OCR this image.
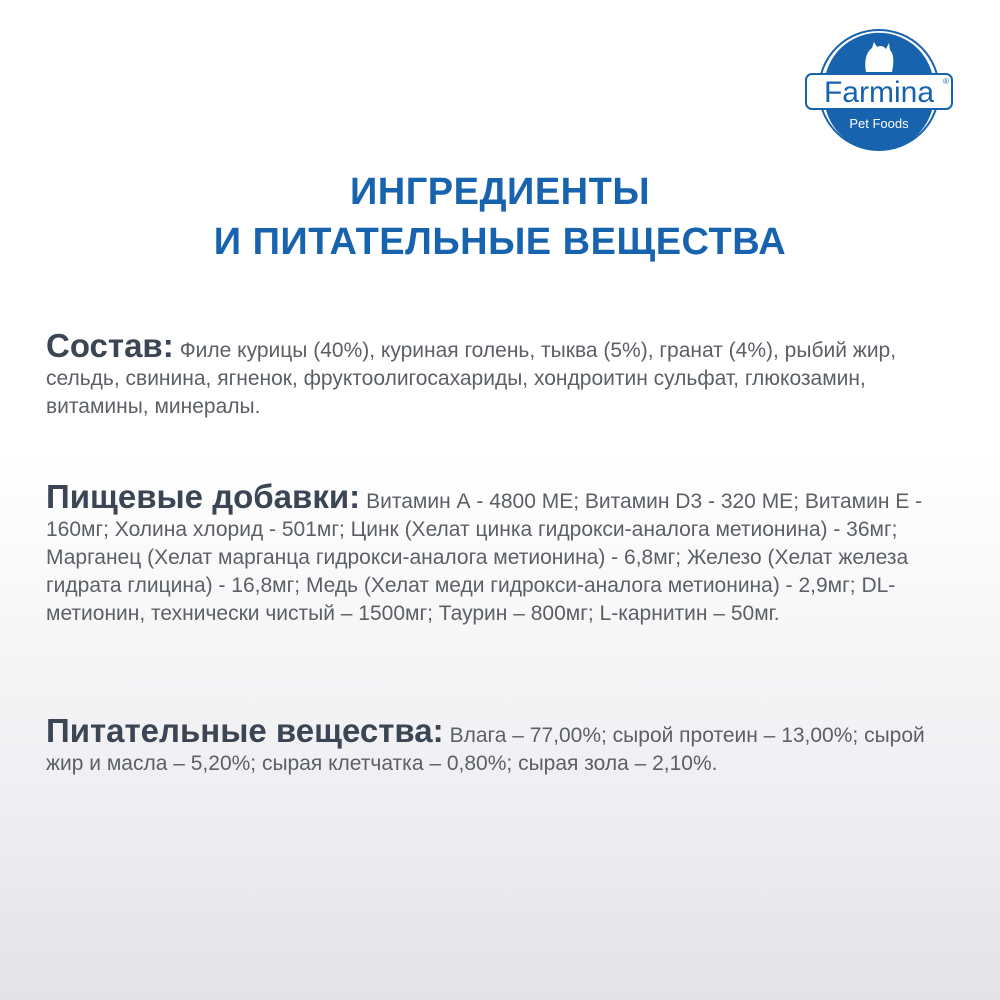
Farmina ®
Pet Foods
ИНГРЕДИЕНТЫ
И ПИТАТЕЛЬНЫЕ ВЕЩЕСТВА
Состав: Филе курицы (40%), куриная голень, тыква (5%), гранат (4%), рыбий жир, сельдь, свинина, ягненок, фруктоолигосахариды, хондроитин сульфат, глюкозамин, витамины, минералы.
Пищевые добавки: Витамин А - 4800 МЕ; Витамин D3 - 320 МЕ; Витамин Е - 160мг; Холина хлорид - 501мг; Цинк (Хелат цинка гидрокси-аналога метионина) - 36мг; Марганец (Хелат марганца гидрокси-аналога метионина) - 6,8мг; Железо (Хелат железа гидрата глицина) - 16,8мг; Медь (Хелат меди гидрокси-аналога метионина) - 2,9мг; DL-метионин, технически чистый – 1500мг; Таурин – 800мг; L-карнитин – 50мг.
Питательные вещества: Влага – 77,00%; сырой протеин – 13,00%; сырой жир и масла – 5,20%; сырая клетчатка – 0,80%; сырая зола – 2,10%.
